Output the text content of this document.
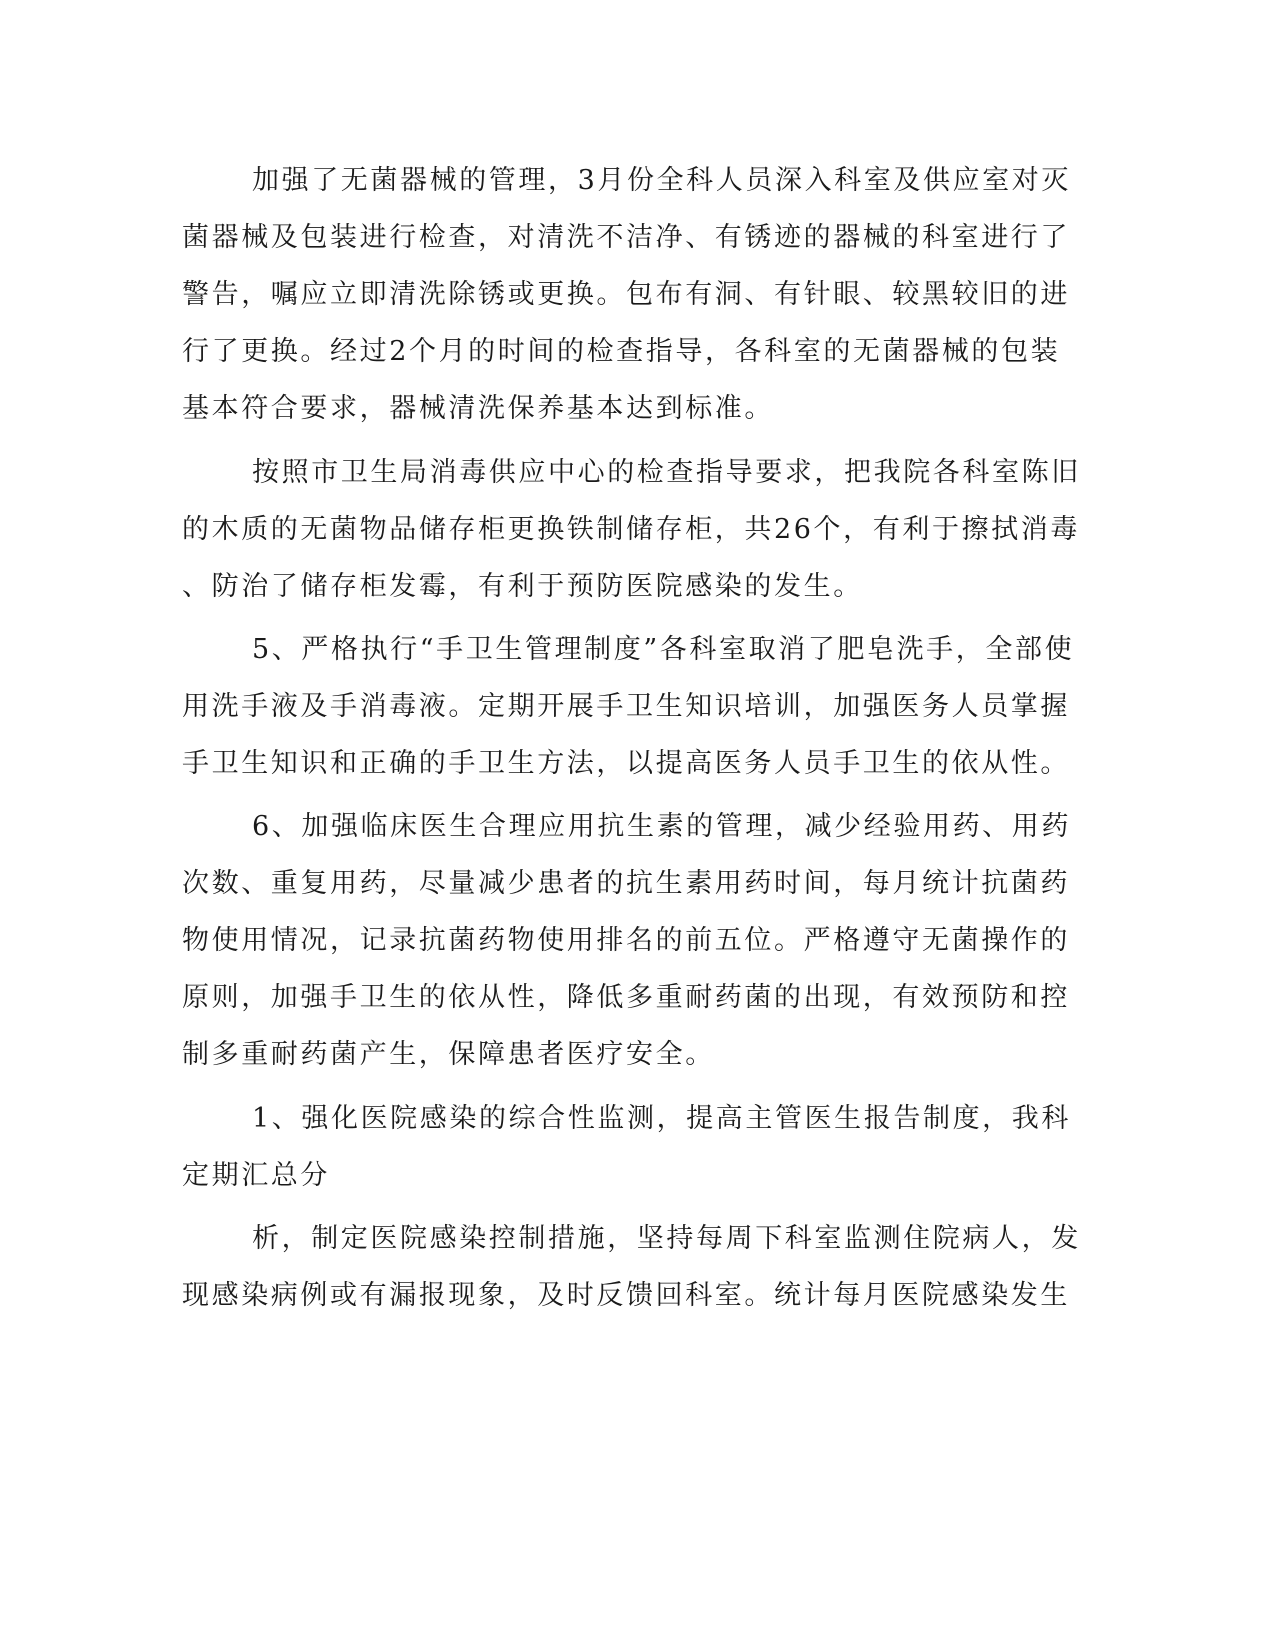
加强了无菌器械的管理，3月份全科人员深入科室及供应室对灭
菌器械及包装进行检查，对清洗不洁净、有锈迹的器械的科室进行了
警告，嘱应立即清洗除锈或更换。包布有洞、有针眼、较黑较旧的进
行了更换。经过2个月的时间的检查指导，各科室的无菌器械的包装
基本符合要求，器械清洗保养基本达到标准。
按照市卫生局消毒供应中心的检查指导要求，把我院各科室陈旧
的木质的无菌物品储存柜更换铁制储存柜，共26个，有利于擦拭消毒
、防治了储存柜发霉，有利于预防医院感染的发生。
5、严格执行“手卫生管理制度”各科室取消了肥皂洗手，全部使
用洗手液及手消毒液。定期开展手卫生知识培训，加强医务人员掌握
手卫生知识和正确的手卫生方法，以提高医务人员手卫生的依从性。
6、加强临床医生合理应用抗生素的管理，减少经验用药、用药
次数、重复用药，尽量减少患者的抗生素用药时间，每月统计抗菌药
物使用情况，记录抗菌药物使用排名的前五位。严格遵守无菌操作的
原则，加强手卫生的依从性，降低多重耐药菌的出现，有效预防和控
制多重耐药菌产生，保障患者医疗安全。
1、强化医院感染的综合性监测，提高主管医生报告制度，我科
定期汇总分
析，制定医院感染控制措施，坚持每周下科室监测住院病人，发
现感染病例或有漏报现象，及时反馈回科室。统计每月医院感染发生
